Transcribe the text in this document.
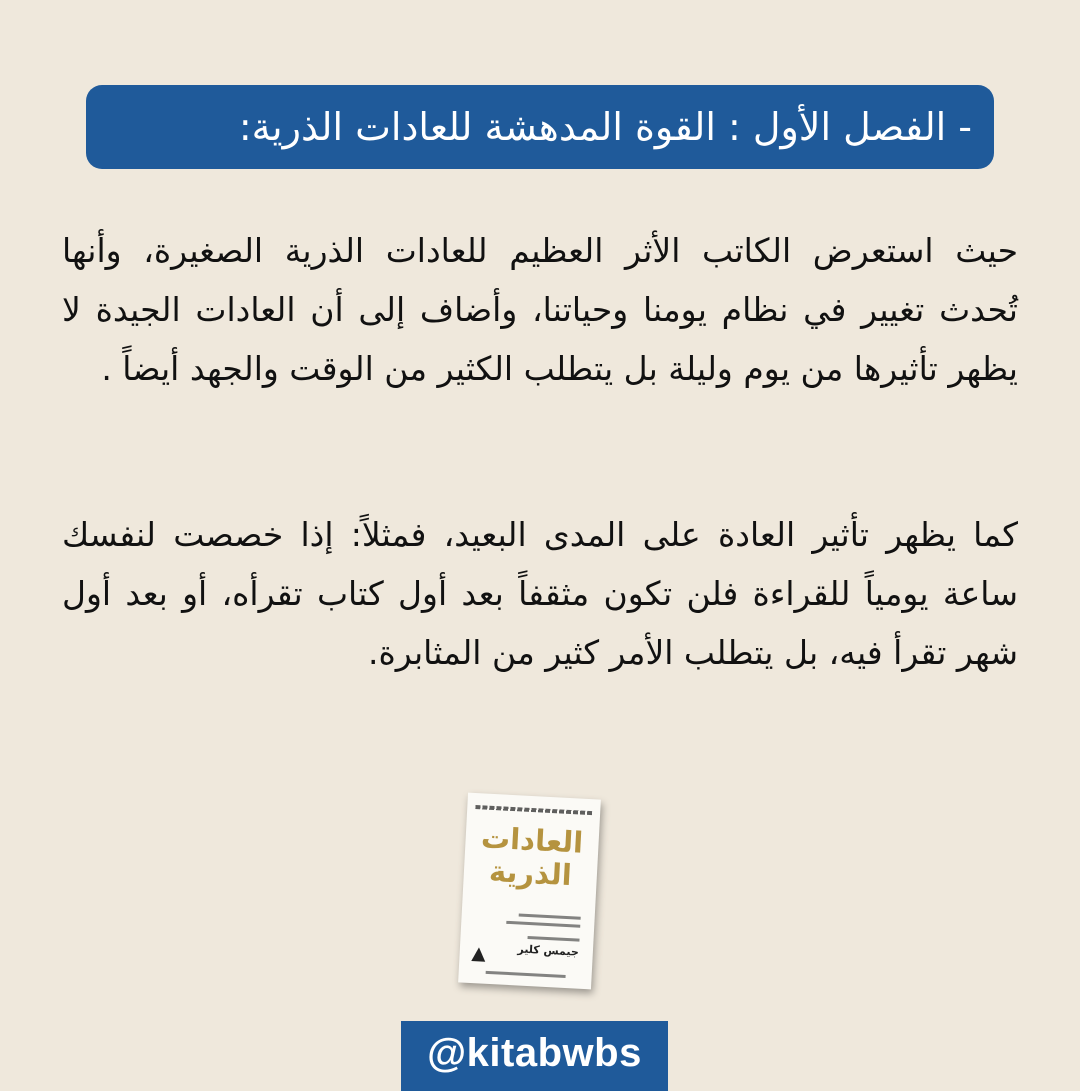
- الفصل الأول : القوة المدهشة للعادات الذرية:
حيث استعرض الكاتب الأثر العظيم للعادات الذرية الصغيرة، وأنها تُحدث تغيير في نظام يومنا وحياتنا، وأضاف إلى أن العادات الجيدة لا يظهر تأثيرها من يوم وليلة بل يتطلب الكثير من الوقت والجهد أيضاً .
كما يظهر تأثير العادة على المدى البعيد، فمثلاً: إذا خصصت لنفسك ساعة يومياً للقراءة فلن تكون مثقفاً بعد أول كتاب تقرأه، أو بعد أول شهر تقرأ فيه، بل يتطلب الأمر كثير من المثابرة.
العادات الذرية
جيمس كلير
@kitabwbs
